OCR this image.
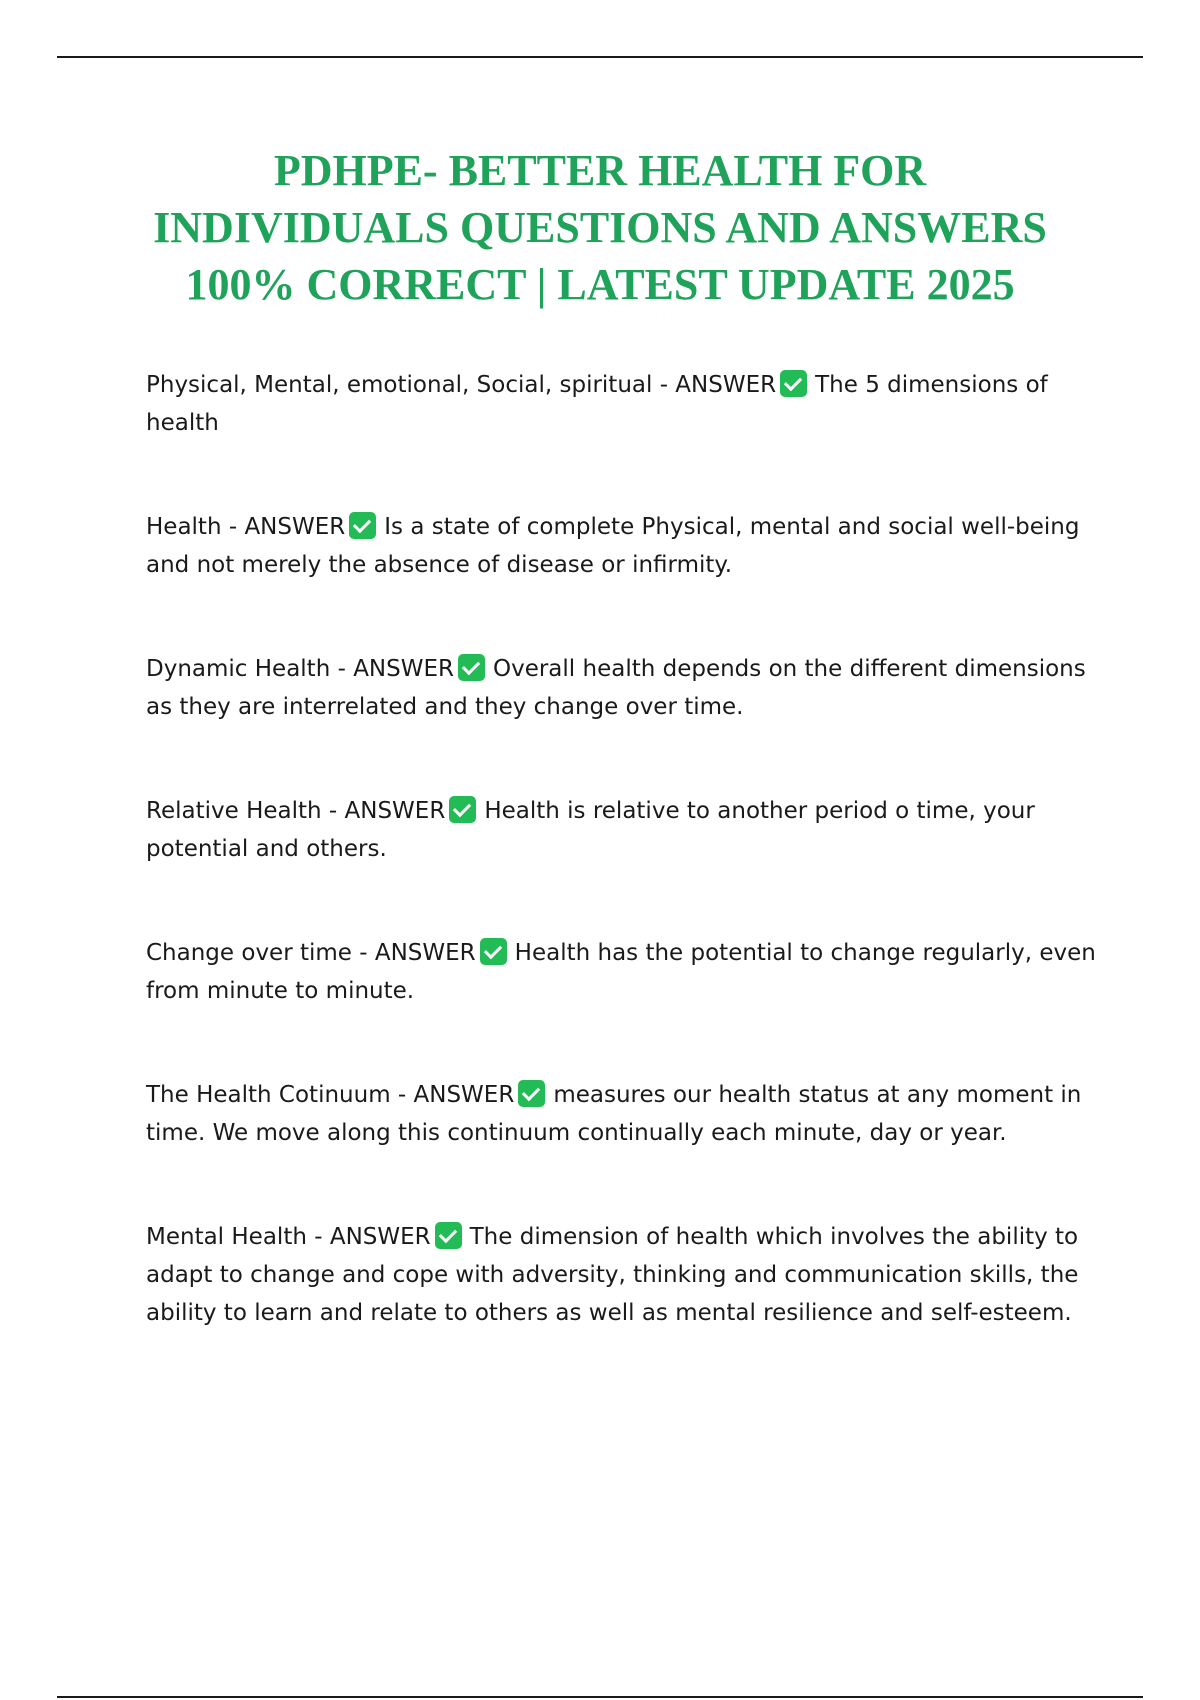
PDHPE- BETTER HEALTH FOR
INDIVIDUALS QUESTIONS AND ANSWERS
100% CORRECT | LATEST UPDATE 2025

Physical, Mental, emotional, Social, spiritual - ANSWER The 5 dimensions of health

Health - ANSWER Is a state of complete Physical, mental and social well-being and not merely the absence of disease or infirmity.

Dynamic Health - ANSWER Overall health depends on the different dimensions as they are interrelated and they change over time.

Relative Health - ANSWER Health is relative to another period o time, your potential and others.

Change over time - ANSWER Health has the potential to change regularly, even from minute to minute.

The Health Cotinuum - ANSWER measures our health status at any moment in time. We move along this continuum continually each minute, day or year.

Mental Health - ANSWER The dimension of health which involves the ability to adapt to change and cope with adversity, thinking and communication skills, the ability to learn and relate to others as well as mental resilience and self-esteem.
